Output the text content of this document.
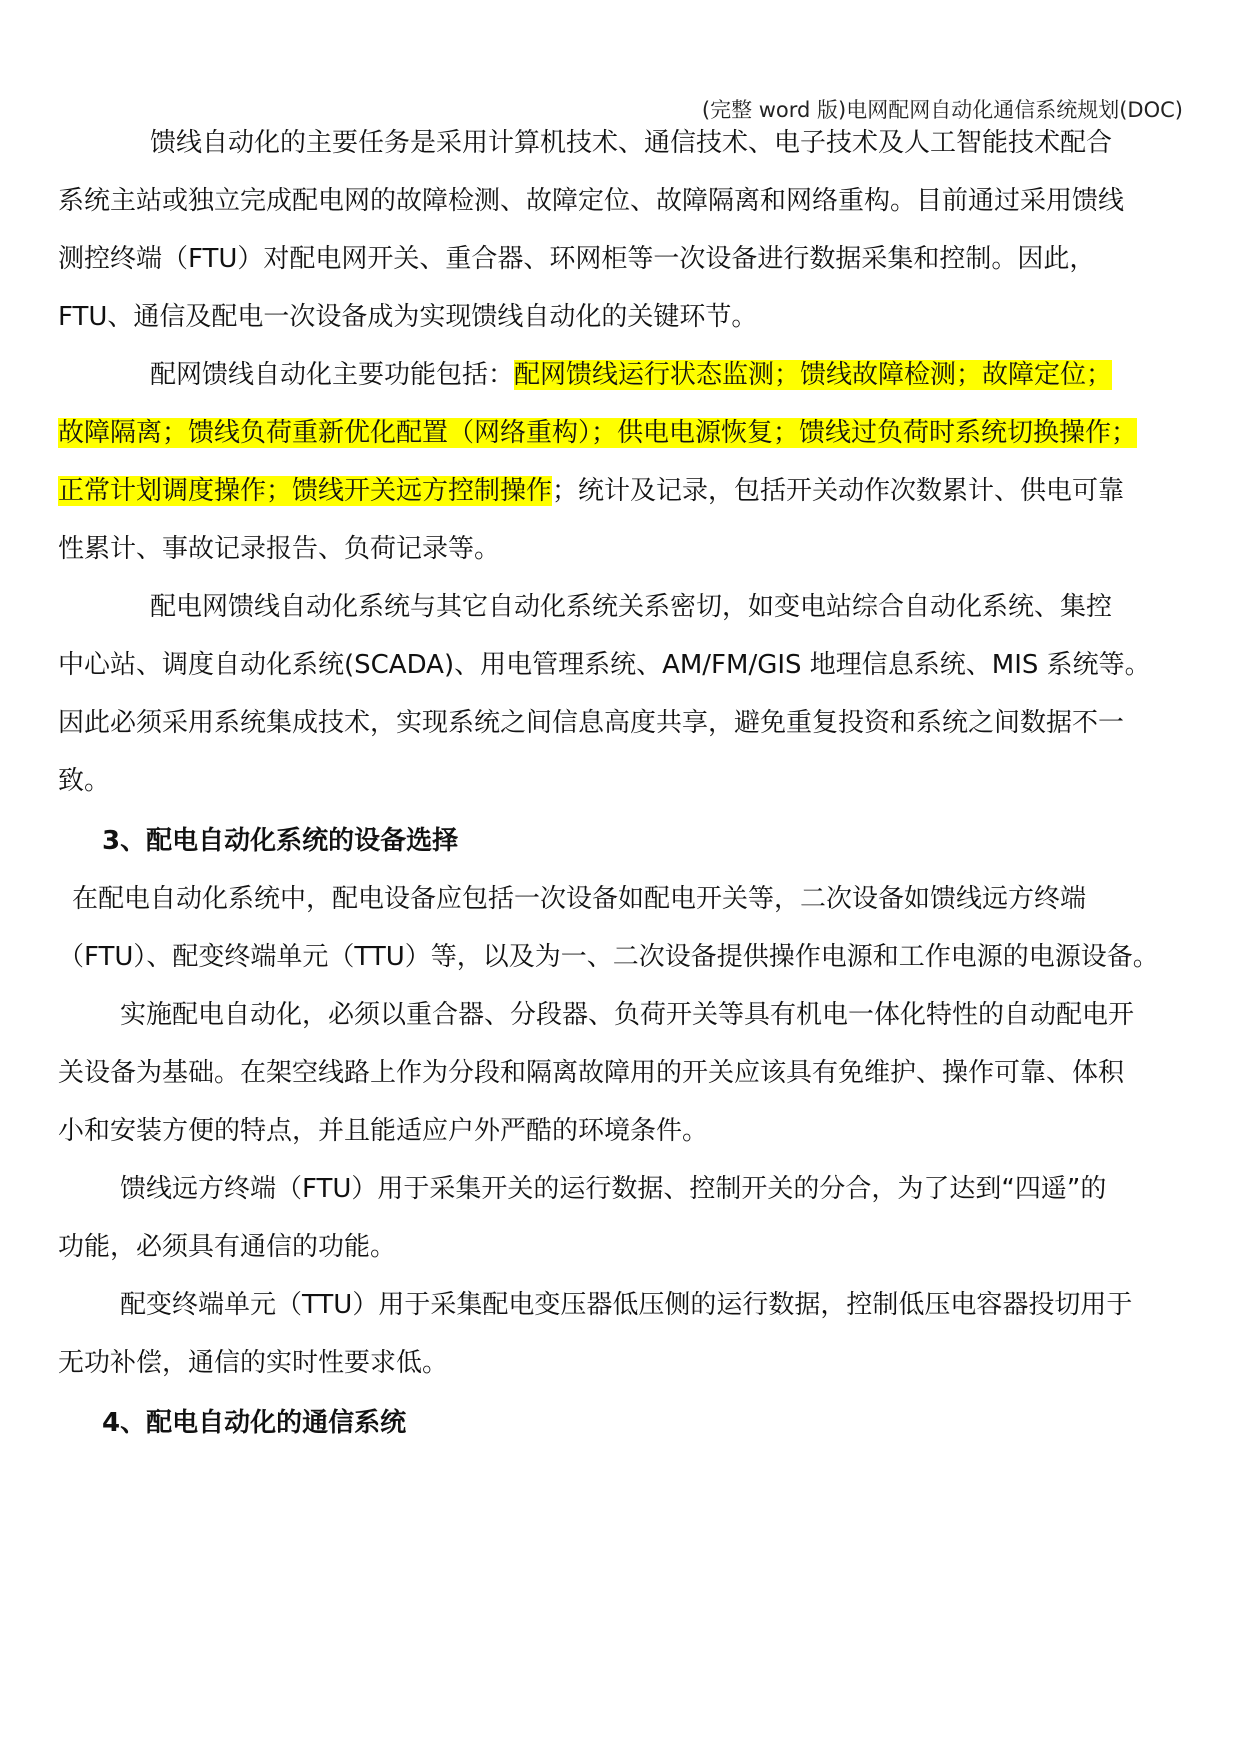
(完整 word 版)电网配网自动化通信系统规划(DOC)
馈线自动化的主要任务是采用计算机技术、通信技术、电子技术及人工智能技术配合
系统主站或独立完成配电网的故障检测、故障定位、故障隔离和网络重构。目前通过采用馈线
测控终端（FTU）对配电网开关、重合器、环网柜等一次设备进行数据采集和控制。因此，
FTU、通信及配电一次设备成为实现馈线自动化的关键环节。
配网馈线自动化主要功能包括：配网馈线运行状态监测；馈线故障检测；故障定位；
故障隔离；馈线负荷重新优化配置（网络重构）；供电电源恢复；馈线过负荷时系统切换操作；
正常计划调度操作；馈线开关远方控制操作；统计及记录，包括开关动作次数累计、供电可靠
性累计、事故记录报告、负荷记录等。
配电网馈线自动化系统与其它自动化系统关系密切，如变电站综合自动化系统、集控
中心站、调度自动化系统(SCADA)、用电管理系统、AM/FM/GIS 地理信息系统、MIS 系统等。
因此必须采用系统集成技术，实现系统之间信息高度共享，避免重复投资和系统之间数据不一
致。
3、配电自动化系统的设备选择
在配电自动化系统中，配电设备应包括一次设备如配电开关等，二次设备如馈线远方终端
（FTU）、配变终端单元（TTU）等，以及为一、二次设备提供操作电源和工作电源的电源设备。
实施配电自动化，必须以重合器、分段器、负荷开关等具有机电一体化特性的自动配电开
关设备为基础。在架空线路上作为分段和隔离故障用的开关应该具有免维护、操作可靠、体积
小和安装方便的特点，并且能适应户外严酷的环境条件。
馈线远方终端（FTU）用于采集开关的运行数据、控制开关的分合，为了达到“四遥”的
功能，必须具有通信的功能。
配变终端单元（TTU）用于采集配电变压器低压侧的运行数据，控制低压电容器投切用于
无功补偿，通信的实时性要求低。
4、配电自动化的通信系统
